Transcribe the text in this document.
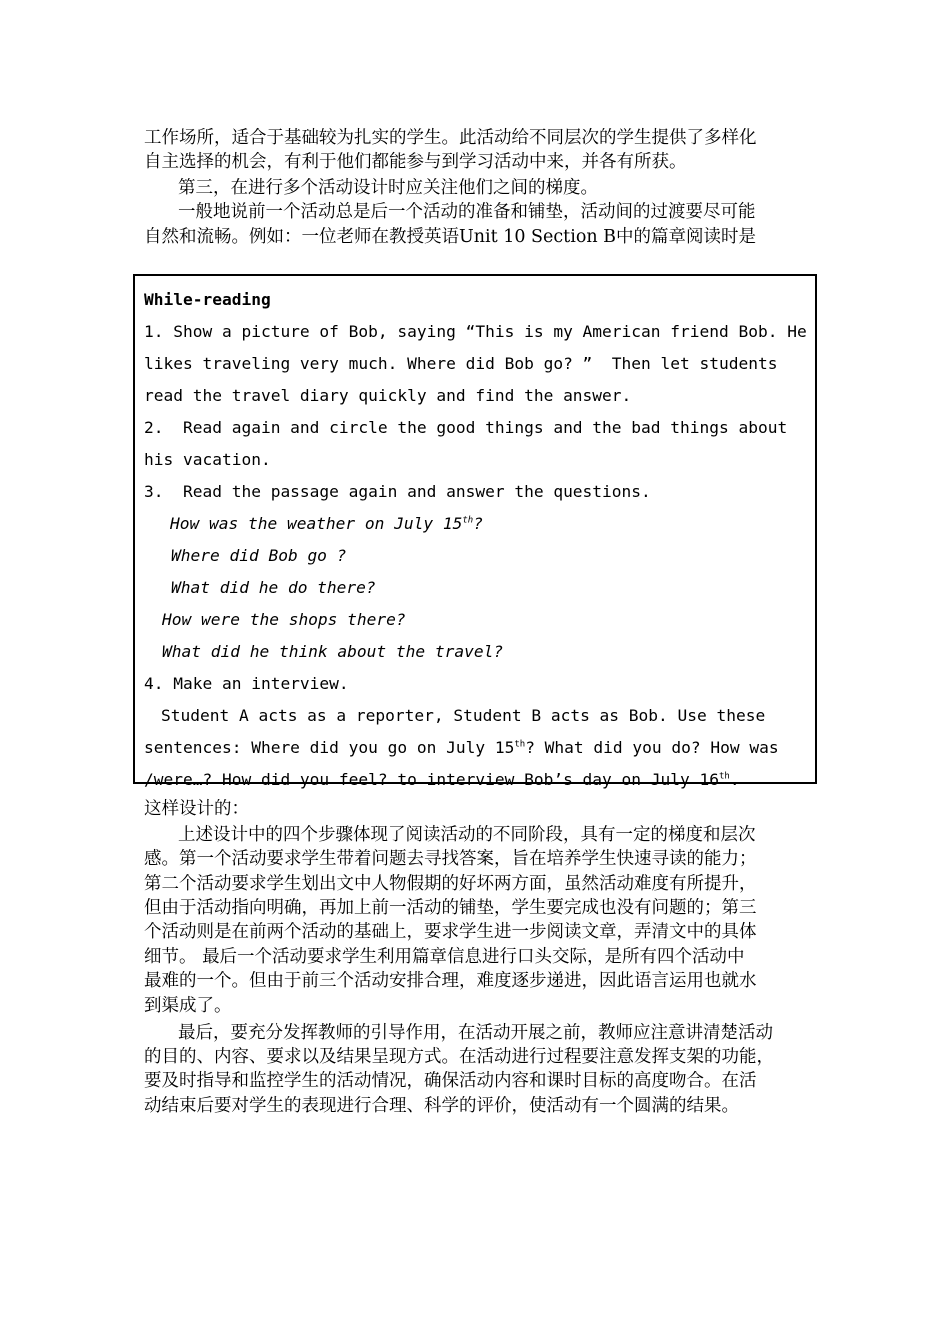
工作场所，适合于基础较为扎实的学生。此活动给不同层次的学生提供了多样化
自主选择的机会，有利于他们都能参与到学习活动中来，并各有所获。
第三，在进行多个活动设计时应关注他们之间的梯度。
一般地说前一个活动总是后一个活动的准备和铺垫，活动间的过渡要尽可能
自然和流畅。例如：一位老师在教授英语Unit 10 Section B中的篇章阅读时是
While-reading
1. Show a picture of Bob, saying “This is my American friend Bob. He
likes traveling very much. Where did Bob go? ”  Then let students
read the travel diary quickly and find the answer.
2.  Read again and circle the good things and the bad things about
his vacation.
3.  Read the passage again and answer the questions.
How was the weather on July 15th?
Where did Bob go ?
What did he do there?
How were the shops there?
What did he think about the travel?
4. Make an interview.
Student A acts as a reporter, Student B acts as Bob. Use these
sentences: Where did you go on July 15th? What did you do? How was
/were…? How did you feel? to interview Bob’s day on July 16th.
这样设计的：
上述设计中的四个步骤体现了阅读活动的不同阶段，具有一定的梯度和层次
感。第一个活动要求学生带着问题去寻找答案，旨在培养学生快速寻读的能力；
第二个活动要求学生划出文中人物假期的好坏两方面，虽然活动难度有所提升，
但由于活动指向明确，再加上前一活动的铺垫，学生要完成也没有问题的；第三
个活动则是在前两个活动的基础上，要求学生进一步阅读文章，弄清文中的具体
细节。 最后一个活动要求学生利用篇章信息进行口头交际，是所有四个活动中
最难的一个。但由于前三个活动安排合理，难度逐步递进，因此语言运用也就水
到渠成了。
最后，要充分发挥教师的引导作用，在活动开展之前，教师应注意讲清楚活动
的目的、内容、要求以及结果呈现方式。在活动进行过程要注意发挥支架的功能，
要及时指导和监控学生的活动情况，确保活动内容和课时目标的高度吻合。在活
动结束后要对学生的表现进行合理、科学的评价，使活动有一个圆满的结果。
